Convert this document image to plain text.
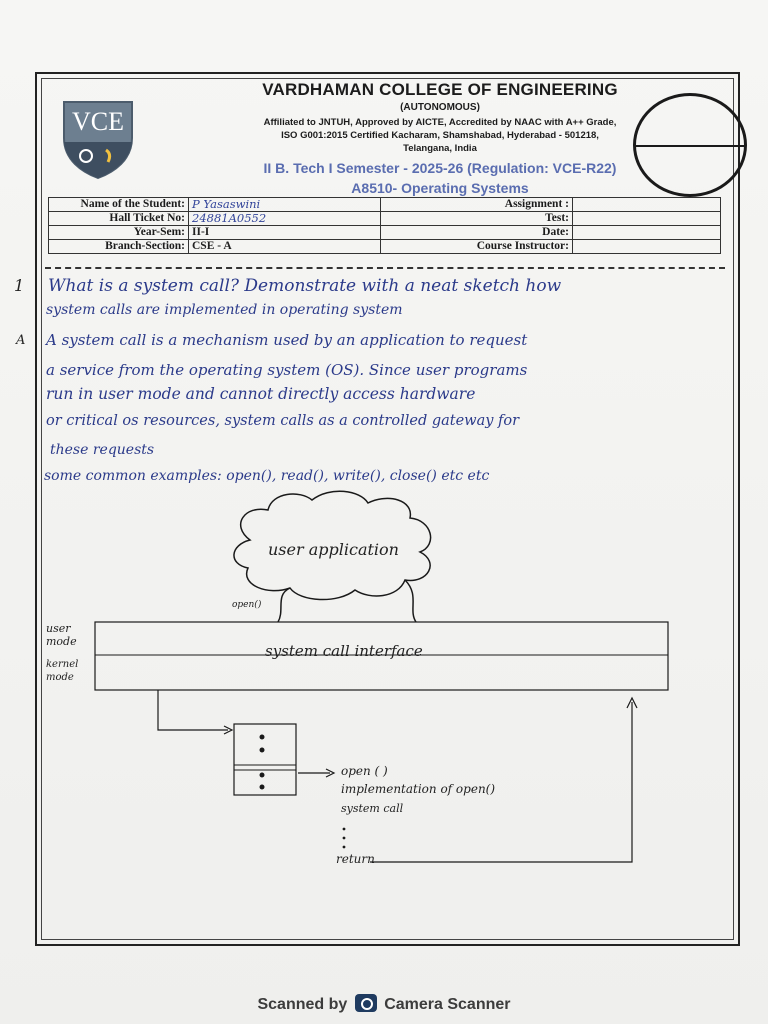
VCE
VARDHAMAN COLLEGE OF ENGINEERING
(AUTONOMOUS)
Affiliated to JNTUH, Approved by AICTE, Accredited by NAAC with A++ Grade,
ISO G001:2015 Certified Kacharam, Shamshabad, Hyderabad - 501218,
Telangana, India
II B. Tech I Semester - 2025-26 (Regulation: VCE-R22)
A8510- Operating Systems
Name of the Student:	P Yasaswini	Assignment :	
Hall Ticket No:	24881A0552	Test:	
Year-Sem:	II-I	Date:	
Branch-Section:	CSE - A	Course Instructor:	
1
A
What is a system call? Demonstrate with a neat sketch how
system calls are implemented in operating system
A system call is a mechanism used by an application to request
a service from the operating system (OS). Since user programs
run in user mode and cannot directly access hardware
or critical os resources, system calls as a controlled gateway for
these requests
some common examples: open(), read(), write(), close() etc etc
user application
open()
user mode
kernel mode
system call interface
open ( )
implementation of open()
system call
return
Scanned by Camera Scanner
